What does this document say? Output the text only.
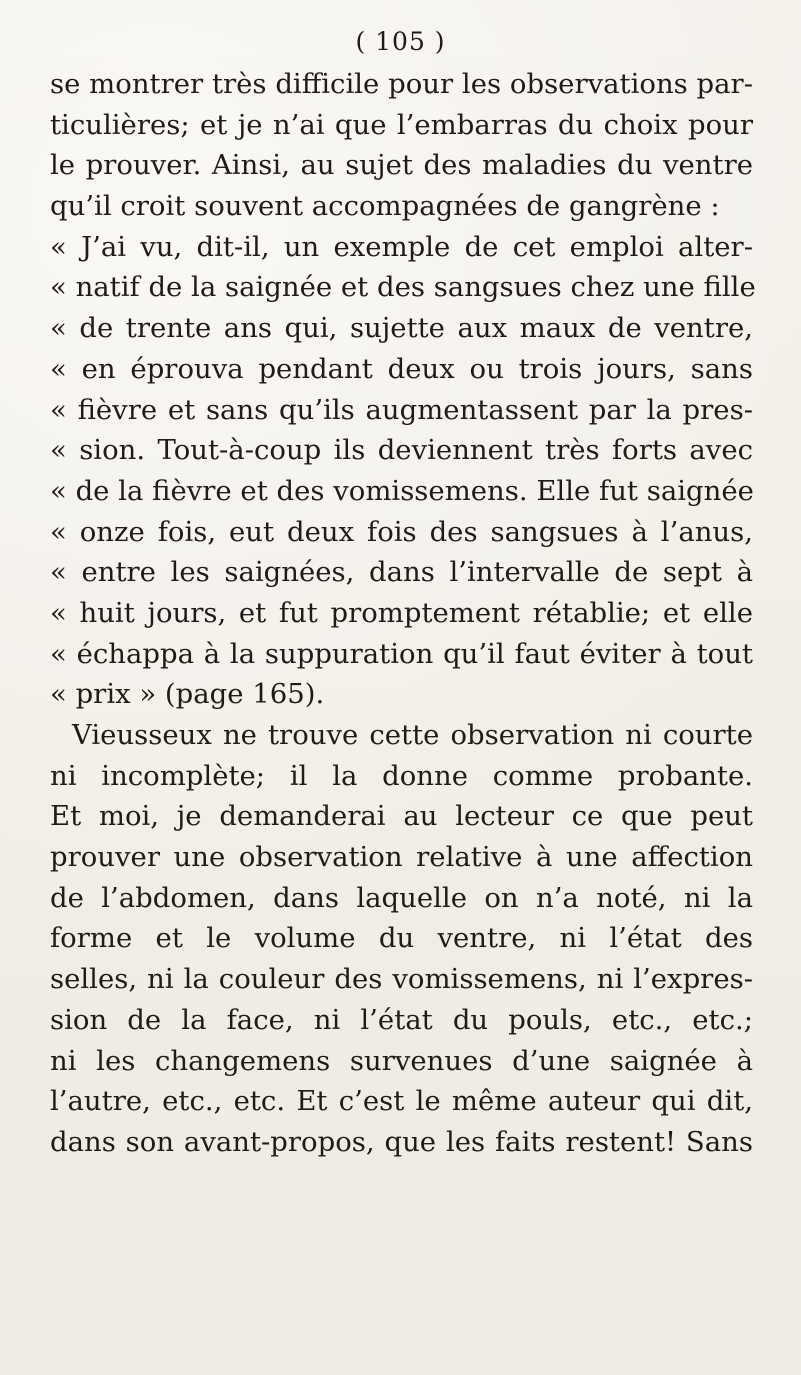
( 105 )
se montrer très difficile pour les observations par-
ticulières; et je n’ai que l’embarras du choix pour
le prouver. Ainsi, au sujet des maladies du ventre
qu’il croit souvent accompagnées de gangrène :
« J’ai vu, dit-il, un exemple de cet emploi alter-
« natif de la saignée et des sangsues chez une fille
« de trente ans qui, sujette aux maux de ventre,
« en éprouva pendant deux ou trois jours, sans
« fièvre et sans qu’ils augmentassent par la pres-
« sion. Tout-à-coup ils deviennent très forts avec
« de la fièvre et des vomissemens. Elle fut saignée
« onze fois, eut deux fois des sangsues à l’anus,
« entre les saignées, dans l’intervalle de sept à
« huit jours, et fut promptement rétablie; et elle
« échappa à la suppuration qu’il faut éviter à tout
« prix » (page 165).
Vieusseux ne trouve cette observation ni courte
ni incomplète; il la donne comme probante.
Et moi, je demanderai au lecteur ce que peut
prouver une observation relative à une affection
de l’abdomen, dans laquelle on n’a noté, ni la
forme et le volume du ventre, ni l’état des
selles, ni la couleur des vomissemens, ni l’expres-
sion de la face, ni l’état du pouls, etc., etc.;
ni les changemens survenues d’une saignée à
l’autre, etc., etc. Et c’est le même auteur qui dit,
dans son avant-propos, que les faits restent! Sans
